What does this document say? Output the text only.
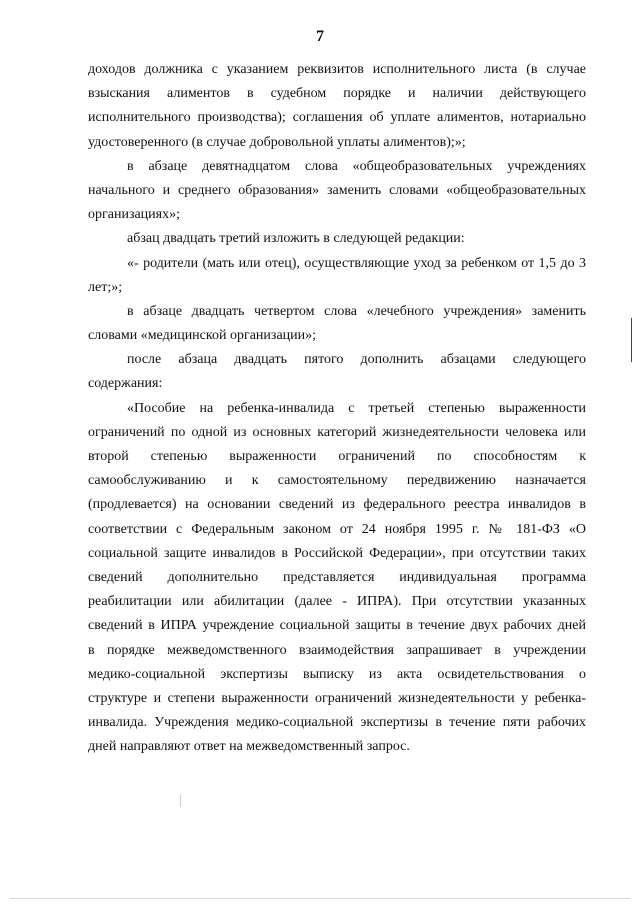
7
доходов должника с указанием реквизитов исполнительного листа (в случае
взыскания алиментов в судебном порядке и наличии действующего
исполнительного производства); соглашения об уплате алиментов, нотариально
удостоверенного (в случае добровольной уплаты алиментов);»;
в абзаце девятнадцатом слова «общеобразовательных учреждениях
начального и среднего образования» заменить словами «общеобразовательных
организациях»;
абзац двадцать третий изложить в следующей редакции:
«- родители (мать или отец), осуществляющие уход за ребенком от 1,5 до 3
лет;»;
в абзаце двадцать четвертом слова «лечебного учреждения» заменить
словами «медицинской организации»;
после абзаца двадцать пятого дополнить абзацами следующего
содержания:
«Пособие на ребенка-инвалида с третьей степенью выраженности
ограничений по одной из основных категорий жизнедеятельности человека или
второй степенью выраженности ограничений по способностям к
самообслуживанию и к самостоятельному передвижению назначается
(продлевается) на основании сведений из федерального реестра инвалидов в
соответствии с Федеральным законом от 24 ноября 1995 г. № 181-ФЗ «О
социальной защите инвалидов в Российской Федерации», при отсутствии таких
сведений дополнительно представляется индивидуальная программа
реабилитации или абилитации (далее - ИПРА). При отсутствии указанных
сведений в ИПРА учреждение социальной защиты в течение двух рабочих дней
в порядке межведомственного взаимодействия запрашивает в учреждении
медико-социальной экспертизы выписку из акта освидетельствования о
структуре и степени выраженности ограничений жизнедеятельности у ребенка-
инвалида. Учреждения медико-социальной экспертизы в течение пяти рабочих
дней направляют ответ на межведомственный запрос.
